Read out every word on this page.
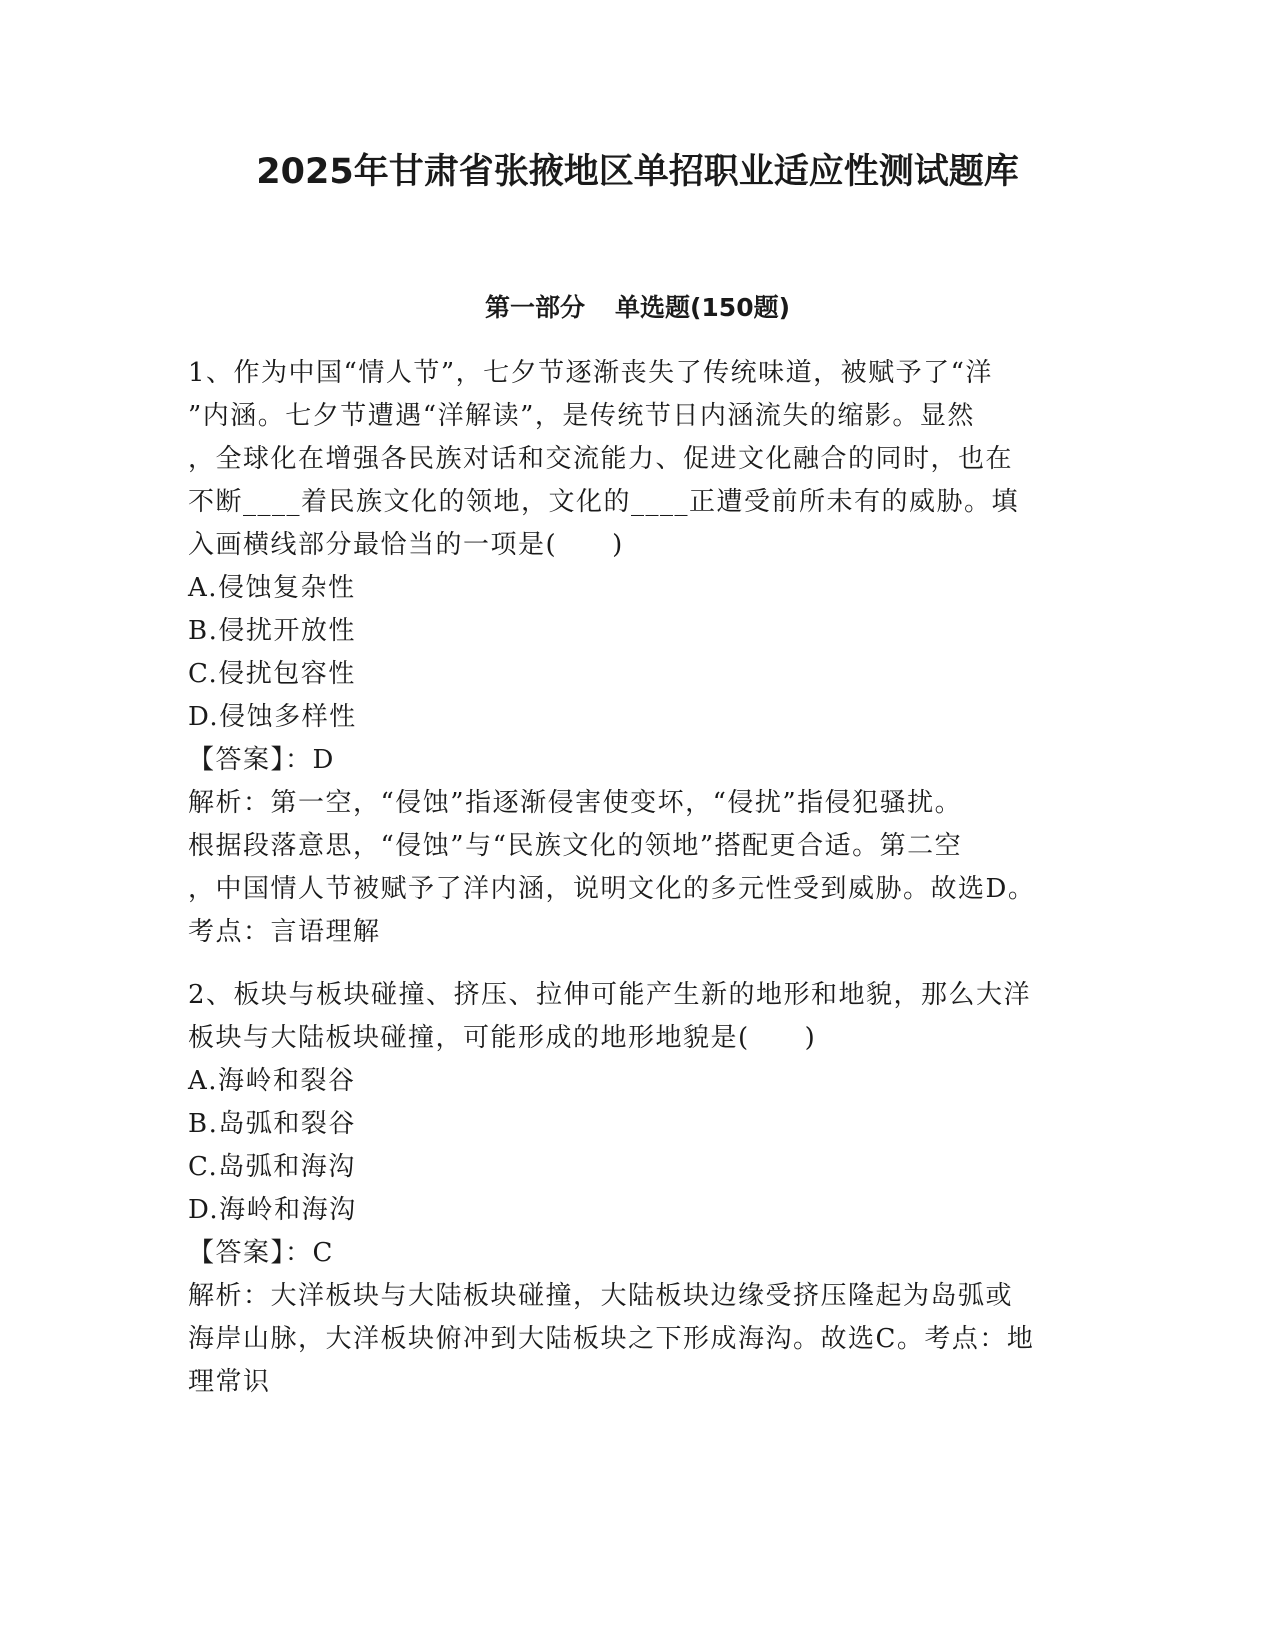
2025年甘肃省张掖地区单招职业适应性测试题库
第一部分 单选题(150题)

1、作为中国“情人节”，七夕节逐渐丧失了传统味道，被赋予了“洋

”内涵。七夕节遭遇“洋解读”，是传统节日内涵流失的缩影。显然

，全球化在增强各民族对话和交流能力、促进文化融合的同时，也在

不断____着民族文化的领地，文化的____正遭受前所未有的威胁。填

入画横线部分最恰当的一项是(　　)

A.侵蚀复杂性

B.侵扰开放性

C.侵扰包容性

D.侵蚀多样性

【答案】：D

解析：第一空，“侵蚀”指逐渐侵害使变坏，“侵扰”指侵犯骚扰。

根据段落意思，“侵蚀”与“民族文化的领地”搭配更合适。第二空

，中国情人节被赋予了洋内涵，说明文化的多元性受到威胁。故选D。

考点：言语理解

2、板块与板块碰撞、挤压、拉伸可能产生新的地形和地貌，那么大洋

板块与大陆板块碰撞，可能形成的地形地貌是(　　)

A.海岭和裂谷

B.岛弧和裂谷

C.岛弧和海沟

D.海岭和海沟

【答案】：C

解析：大洋板块与大陆板块碰撞，大陆板块边缘受挤压隆起为岛弧或

海岸山脉，大洋板块俯冲到大陆板块之下形成海沟。故选C。考点：地

理常识
